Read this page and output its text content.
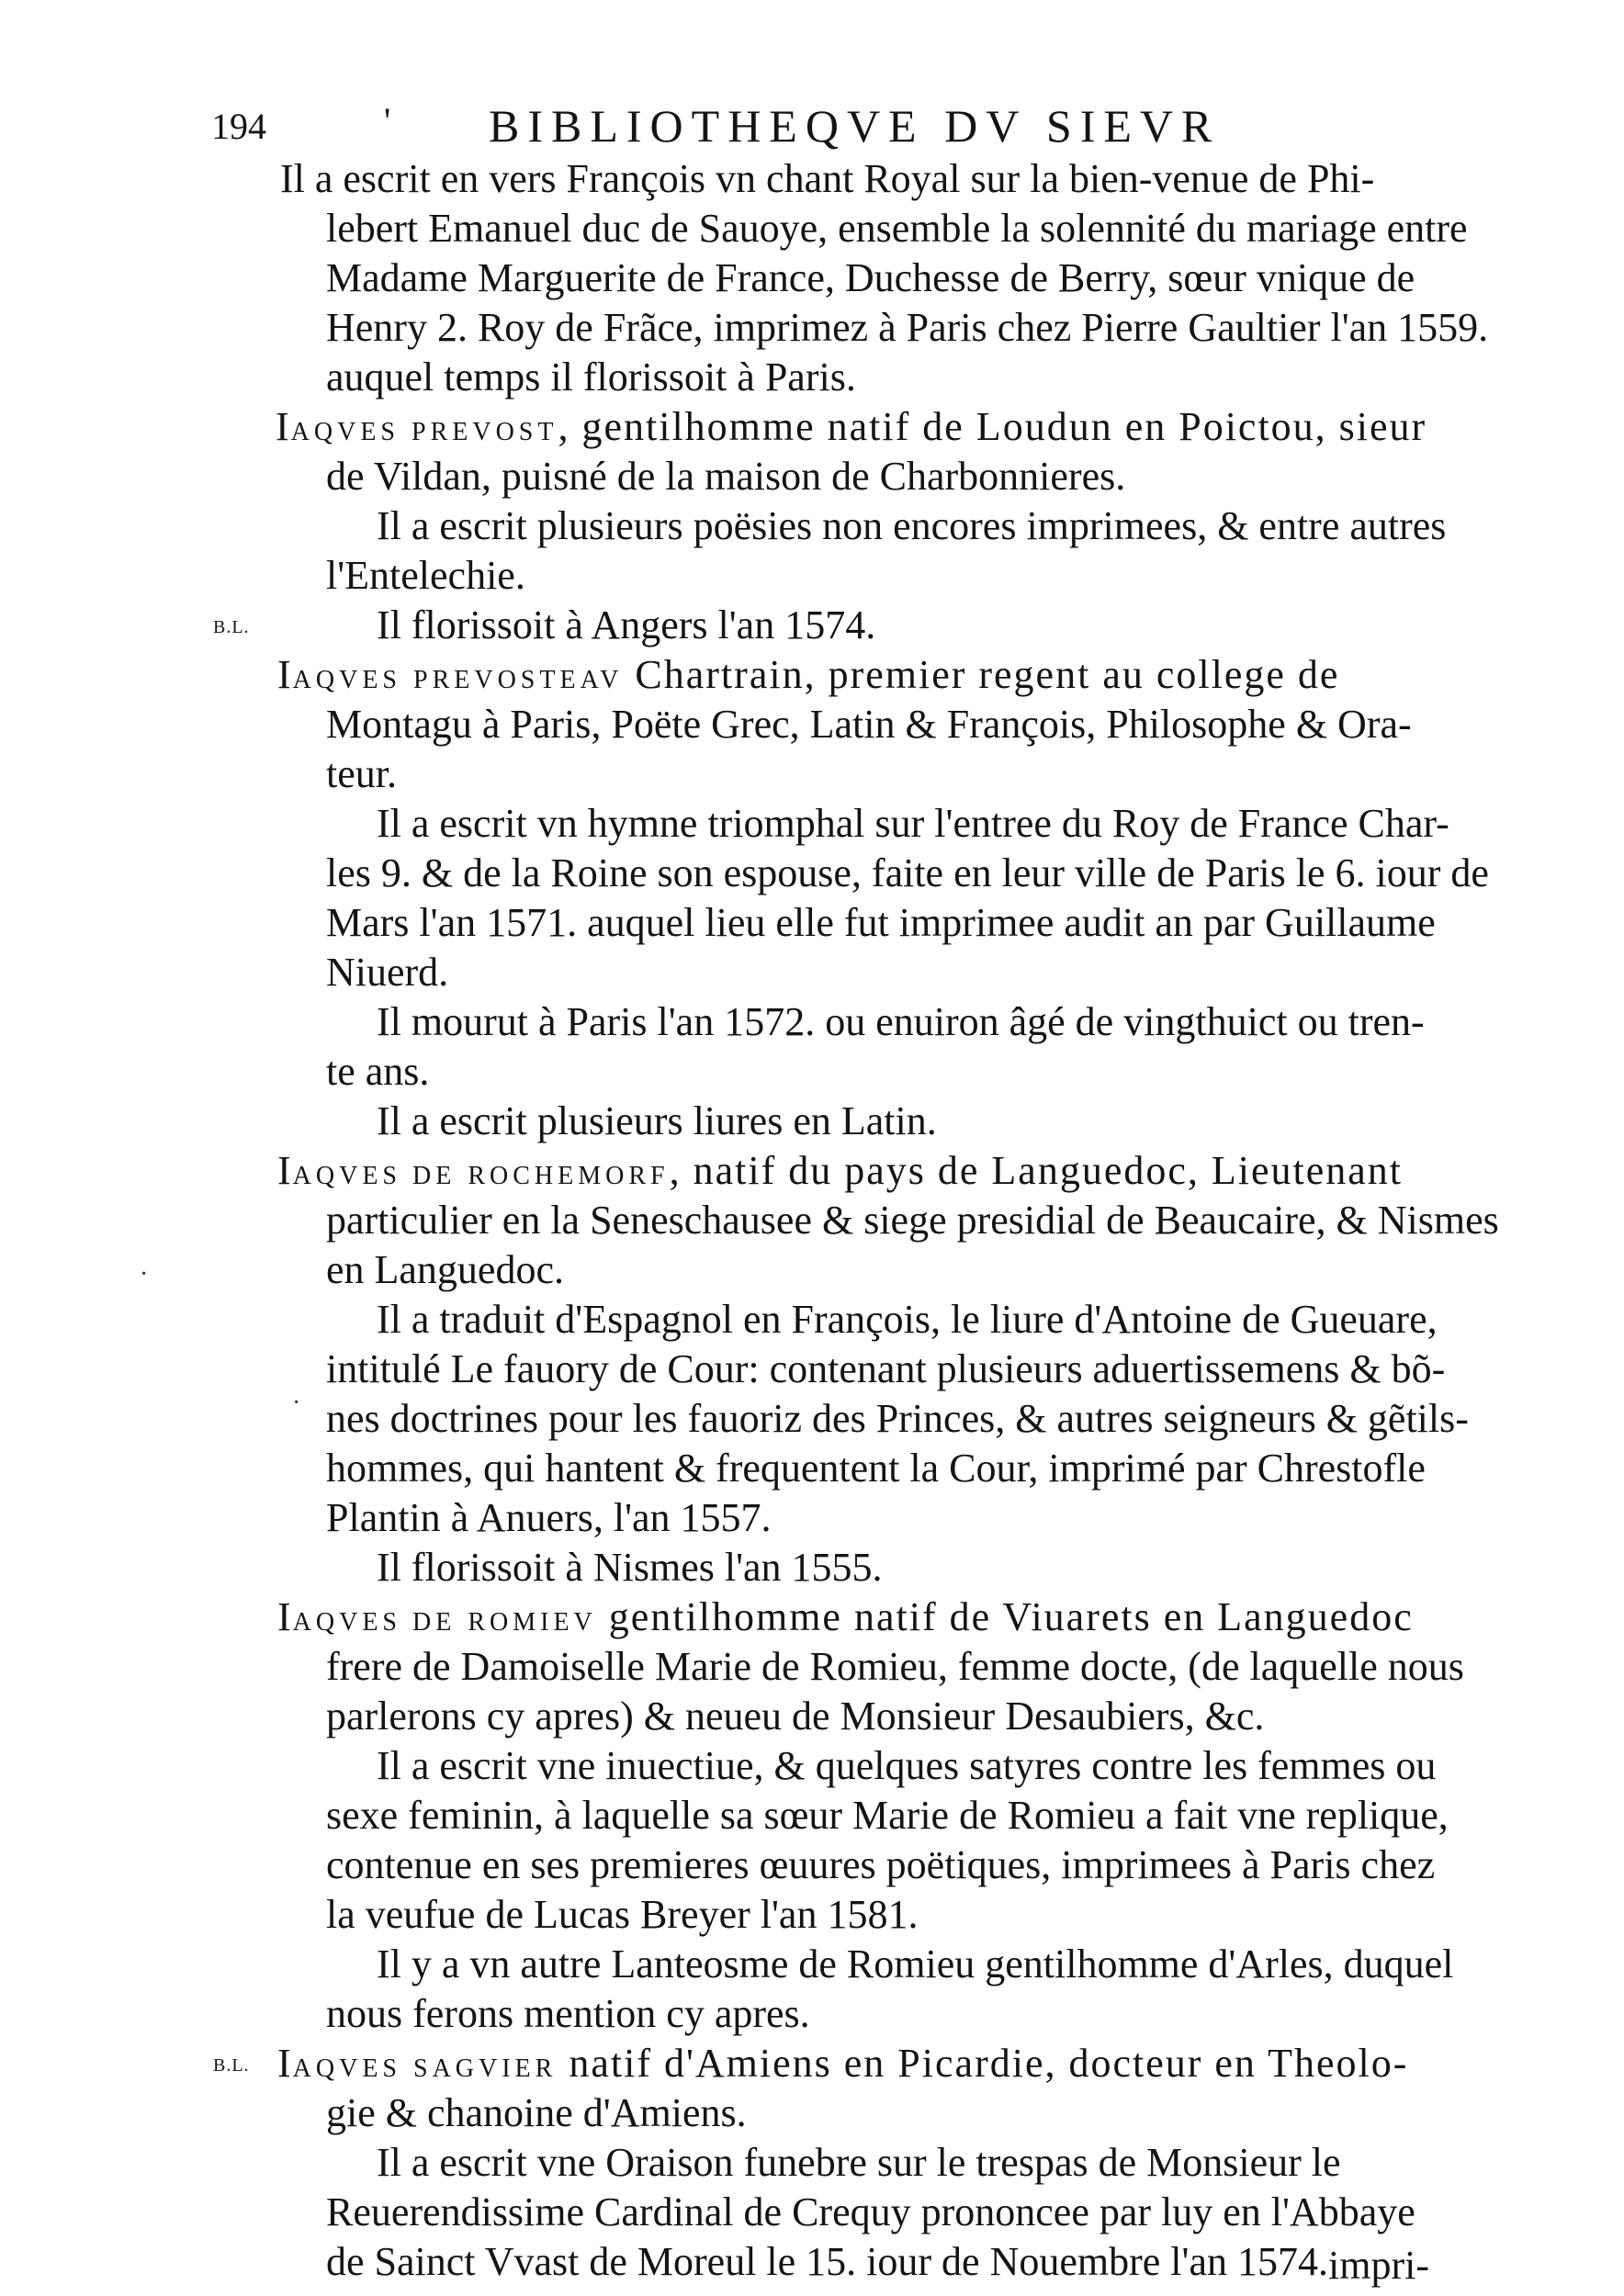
194	' BIBLIOTHEQVE DV SIEVR
Il a escrit en vers François vn chant Royal sur la bien-venue de Phi-
lebert Emanuel duc de Sauoye, ensemble la solennité du mariage entre
Madame Marguerite de France, Duchesse de Berry, sœur vnique de
Henry 2. Roy de Frãce, imprimez à Paris chez Pierre Gaultier l'an 1559.
auquel temps il florissoit à Paris.
IAQVES PREVOST, gentilhomme natif de Loudun en Poictou, sieur
de Vildan, puisné de la maison de Charbonnieres.
Il a escrit plusieurs poësies non encores imprimees, & entre autres
l'Entelechie.
Il florissoit à Angers l'an 1574.
B.L.
IAQVES PREVOSTEAV Chartrain, premier regent au college de
Montagu à Paris, Poëte Grec, Latin & François, Philosophe & Ora-
teur.
Il a escrit vn hymne triomphal sur l'entree du Roy de France Char-
les 9. & de la Roine son espouse, faite en leur ville de Paris le 6. iour de
Mars l'an 1571. auquel lieu elle fut imprimee audit an par Guillaume
Niuerd.
Il mourut à Paris l'an 1572. ou enuiron âgé de vingthuict ou tren-
te ans.
Il a escrit plusieurs liures en Latin.
IAQVES DE ROCHEMORF, natif du pays de Languedoc, Lieutenant
particulier en la Seneschausee & siege presidial de Beaucaire, & Nismes
en Languedoc.
Il a traduit d'Espagnol en François, le liure d'Antoine de Gueuare,
intitulé Le fauory de Cour: contenant plusieurs aduertissemens & bõ-
nes doctrines pour les fauoriz des Princes, & autres seigneurs & gẽtils-
hommes, qui hantent & frequentent la Cour, imprimé par Chrestofle
Plantin à Anuers, l'an 1557.
Il florissoit à Nismes l'an 1555.
IAQVES DE ROMIEV gentilhomme natif de Viuarets en Languedoc
frere de Damoiselle Marie de Romieu, femme docte, (de laquelle nous
parlerons cy apres) & neueu de Monsieur Desaubiers, &c.
Il a escrit vne inuectiue, & quelques satyres contre les femmes ou
sexe feminin, à laquelle sa sœur Marie de Romieu a fait vne replique,
contenue en ses premieres œuures poëtiques, imprimees à Paris chez
la veufue de Lucas Breyer l'an 1581.
Il y a vn autre Lanteosme de Romieu gentilhomme d'Arles, duquel
nous ferons mention cy apres.
B.L. IAQVES SAGVIER natif d'Amiens en Picardie, docteur en Theolo-
gie & chanoine d'Amiens.
Il a escrit vne Oraison funebre sur le trespas de Monsieur le
Reuerendissime Cardinal de Crequy prononcee par luy en l'Abbaye
de Sainct Vvast de Moreul le 15. iour de Nouembre l'an 1574. impri-
·
·
